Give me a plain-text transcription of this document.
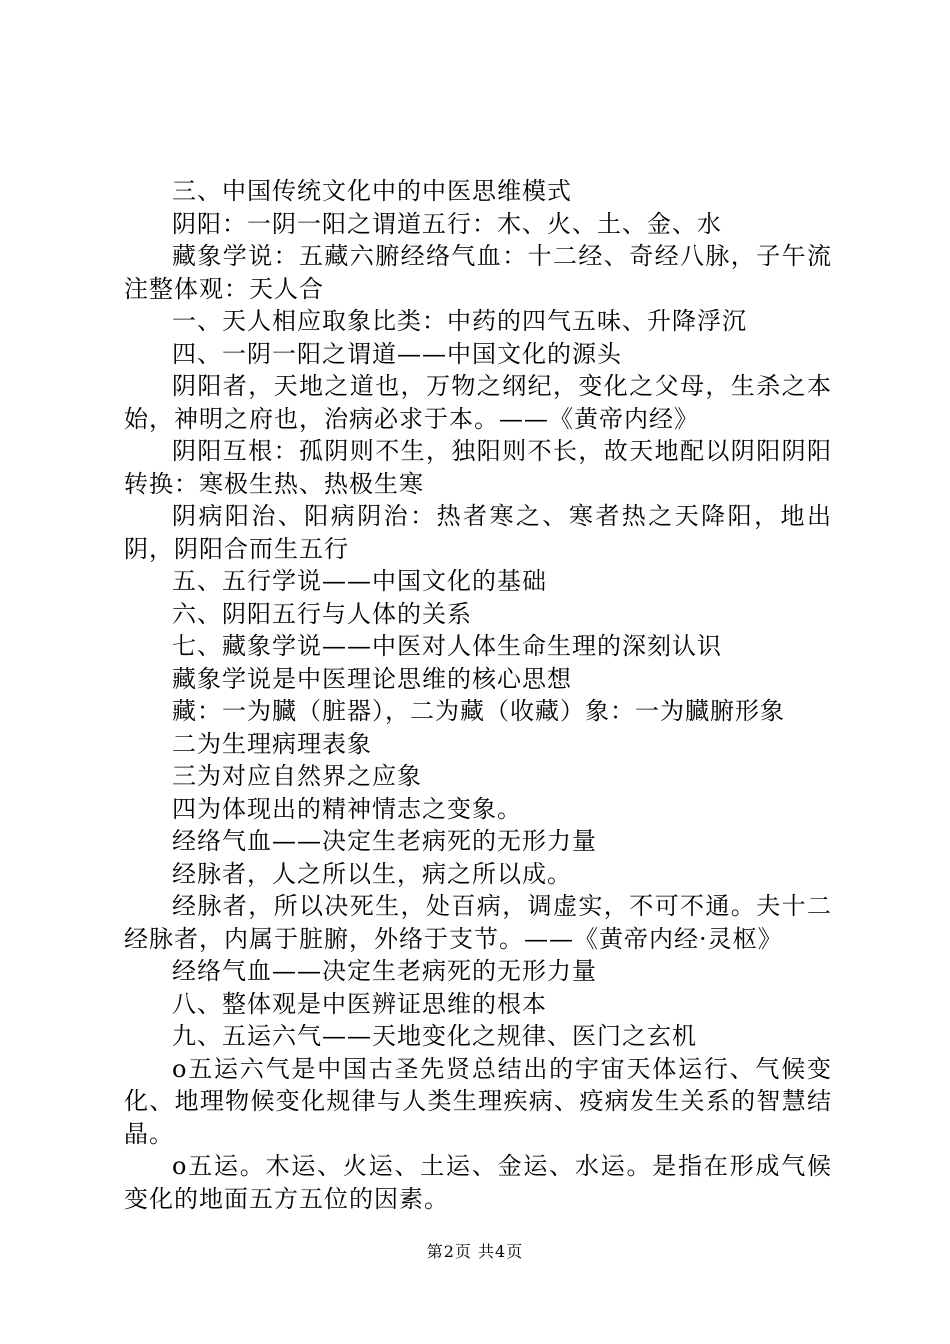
三、中国传统文化中的中医思维模式

阴阳：一阴一阳之谓道五行：木、火、土、金、水

藏象学说：五藏六腑经络气血：十二经、奇经八脉，子午流注整体观：天人合

一、天人相应取象比类：中药的四气五味、升降浮沉

四、一阴一阳之谓道——中国文化的源头

阴阳者，天地之道也，万物之纲纪，变化之父母，生杀之本始，神明之府也，治病必求于本。——《黄帝内经》

阴阳互根：孤阴则不生，独阳则不长，故天地配以阴阳阴阳转换：寒极生热、热极生寒

阴病阳治、阳病阴治：热者寒之、寒者热之天降阳，地出阴，阴阳合而生五行

五、五行学说——中国文化的基础

六、阴阳五行与人体的关系

七、藏象学说——中医对人体生命生理的深刻认识

藏象学说是中医理论思维的核心思想

藏：一为臓（脏器），二为藏（收藏）象：一为臓腑形象

二为生理病理表象

三为对应自然界之应象

四为体现出的精神情志之变象。

经络气血——决定生老病死的无形力量

经脉者，人之所以生，病之所以成。

经脉者，所以决死生，处百病，调虚实，不可不通。夫十二经脉者，内属于脏腑，外络于支节。——《黄帝内经·灵枢》

经络气血——决定生老病死的无形力量

八、整体观是中医辨证思维的根本

九、五运六气——天地变化之规律、医门之玄机

o五运六气是中国古圣先贤总结出的宇宙天体运行、气候变化、地理物候变化规律与人类生理疾病、疫病发生关系的智慧结晶。

o五运。木运、火运、土运、金运、水运。是指在形成气候变化的地面五方五位的因素。

第2页 共4页
